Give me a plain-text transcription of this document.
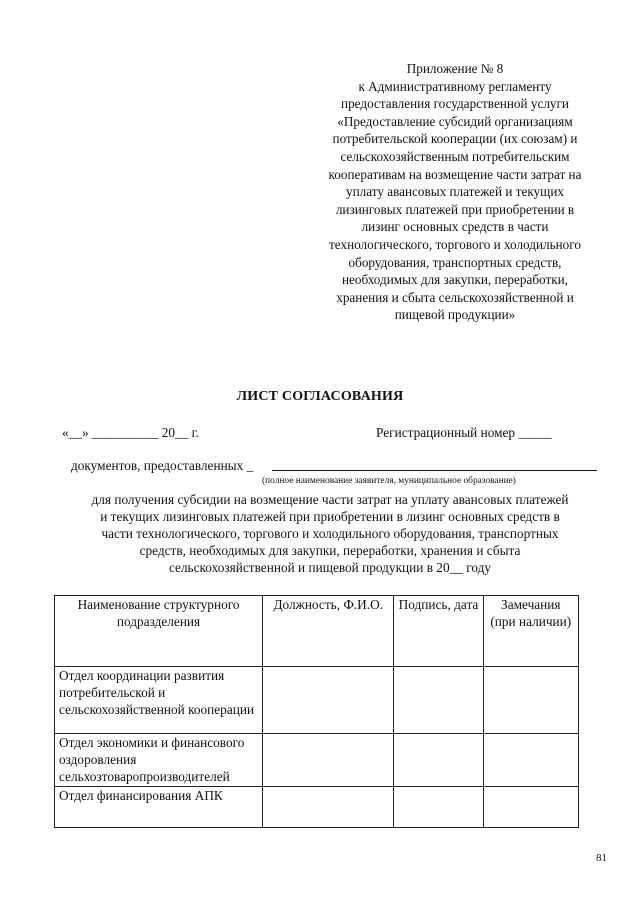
Приложение № 8
к Административному регламенту
предоставления государственной услуги
«Предоставление субсидий организациям
потребительской кооперации (их союзам) и
сельскохозяйственным потребительским
кооперативам на возмещение части затрат на
уплату авансовых платежей и текущих
лизинговых платежей при приобретении в
лизинг основных средств в части
технологического, торгового и холодильного
оборудования, транспортных средств,
необходимых для закупки, переработки,
хранения и сбыта сельскохозяйственной и
пищевой продукции»
ЛИСТ СОГЛАСОВАНИЯ
«__» __________ 20__ г.	Регистрационный номер _____
документов, предоставленных _
(полное наименование заявителя, муниципальное образование)
для получения субсидии на возмещение части затрат на уплату авансовых платежей
и текущих лизинговых платежей при приобретении в лизинг основных средств в
части технологического, торгового и холодильного оборудования, транспортных
средств, необходимых для закупки, переработки, хранения и сбыта
сельскохозяйственной и пищевой продукции в 20__ году
Наименование структурного подразделения	Должность, Ф.И.О.	Подпись, дата	Замечания (при наличии)
Отдел координации развития потребительской и сельскохозяйственной кооперации			
Отдел экономики и финансового оздоровления сельхозтоваропроизводителей			
Отдел финансирования АПК			
81
